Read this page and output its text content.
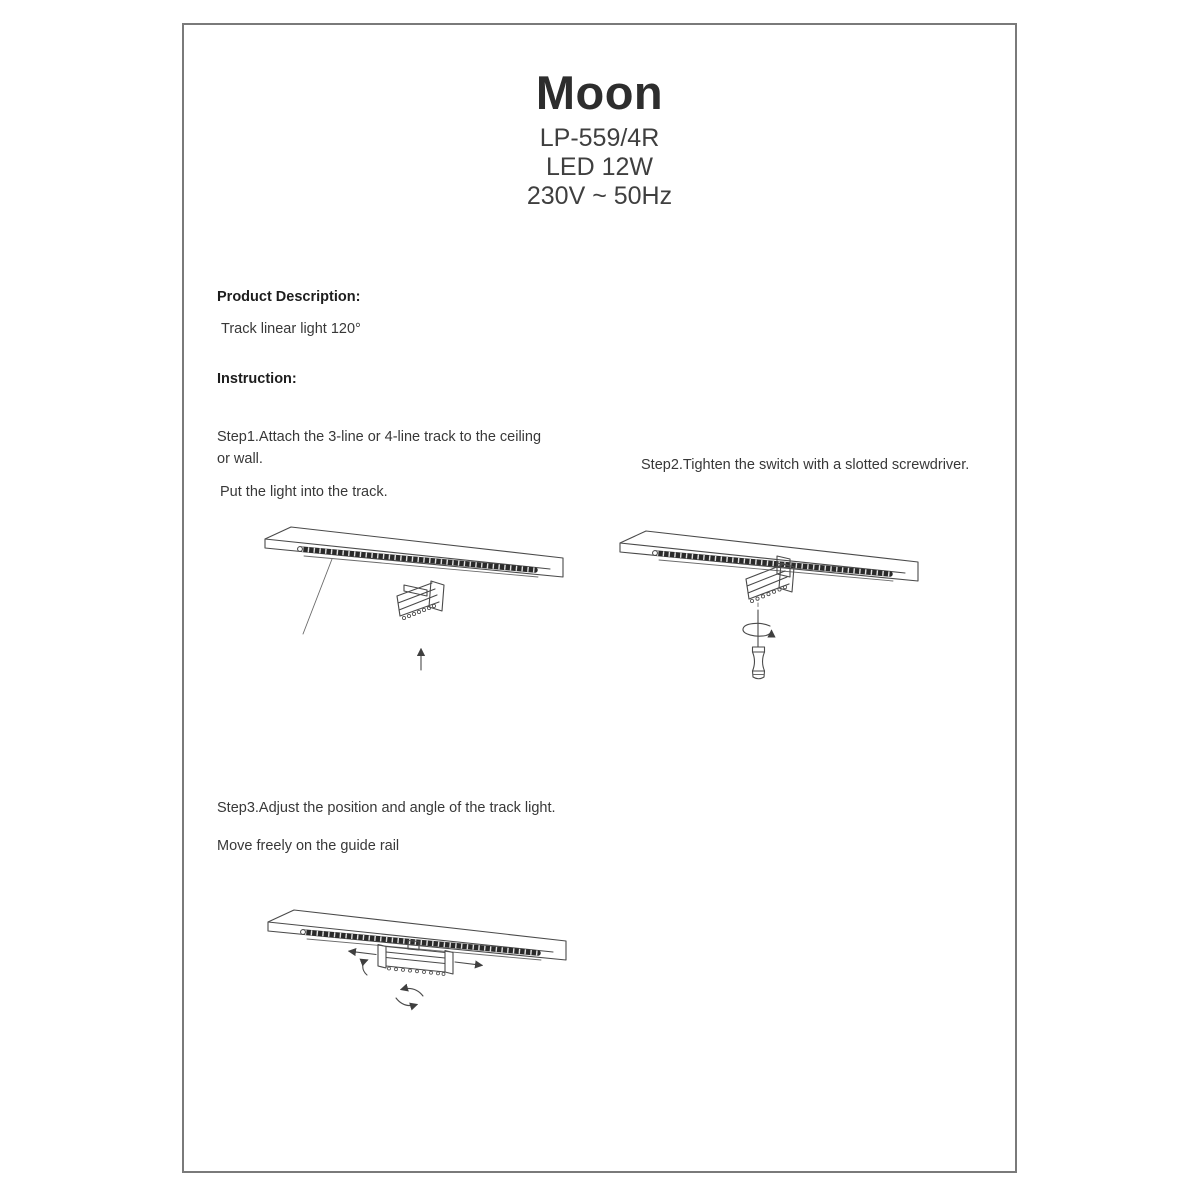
Moon
LP-559/4R
LED 12W
230V ~ 50Hz
Product Description:
Track linear light 120°
Instruction:
Step1.Attach the 3-line or 4-line track to the ceiling or wall.
Put the light into the track.
Step2.Tighten the switch with a slotted screwdriver.
Step3.Adjust the position and angle of the track light.
Move freely on the guide rail
